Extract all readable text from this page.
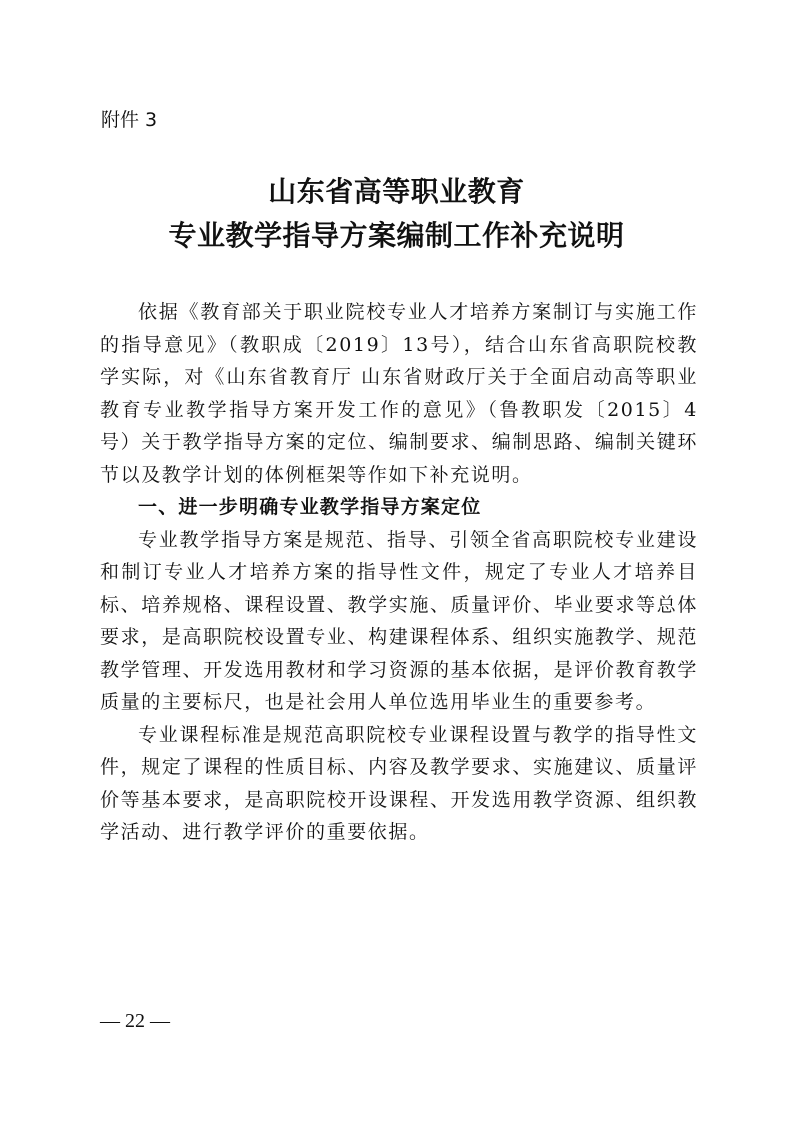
附件 3
山东省高等职业教育
专业教学指导方案编制工作补充说明

依据《教育部关于职业院校专业人才培养方案制订与实施工作的指导意见》（教职成〔2019〕13号），结合山东省高职院校教学实际，对《山东省教育厅 山东省财政厅关于全面启动高等职业教育专业教学指导方案开发工作的意见》（鲁教职发〔2015〕4号）关于教学指导方案的定位、编制要求、编制思路、编制关键环节以及教学计划的体例框架等作如下补充说明。

一、进一步明确专业教学指导方案定位

专业教学指导方案是规范、指导、引领全省高职院校专业建设和制订专业人才培养方案的指导性文件，规定了专业人才培养目标、培养规格、课程设置、教学实施、质量评价、毕业要求等总体要求，是高职院校设置专业、构建课程体系、组织实施教学、规范教学管理、开发选用教材和学习资源的基本依据，是评价教育教学质量的主要标尺，也是社会用人单位选用毕业生的重要参考。

专业课程标准是规范高职院校专业课程设置与教学的指导性文件，规定了课程的性质目标、内容及教学要求、实施建议、质量评价等基本要求，是高职院校开设课程、开发选用教学资源、组织教学活动、进行教学评价的重要依据。

— 22 —
